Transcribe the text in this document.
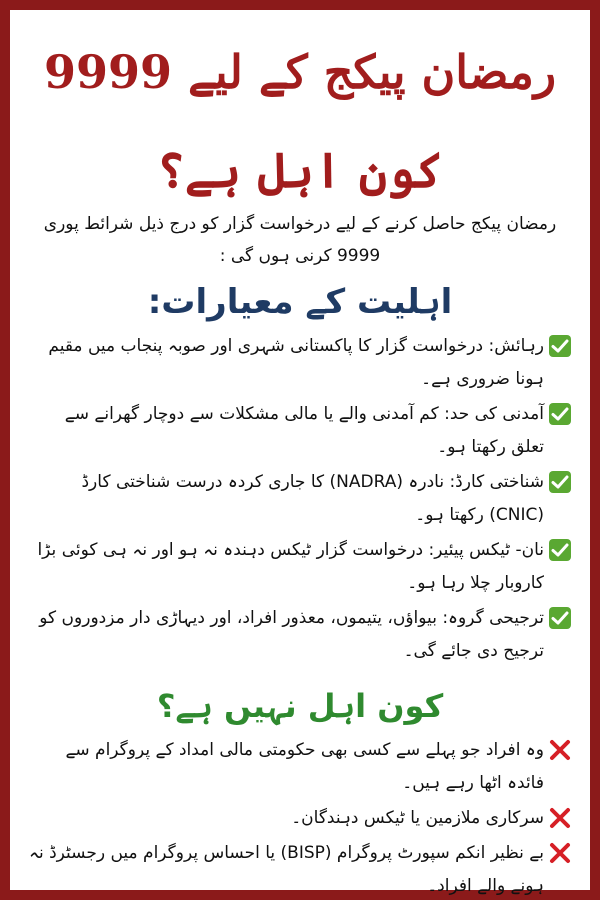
رمضان پیکج کے لیے 9999
کون اہل ہے؟
رمضان پیکج حاصل کرنے کے لیے درخواست گزار کو درج ذیل شرائط پوری 9999 کرنی ہوں گی :
اہلیت کے معیارات:
رہائش: درخواست گزار کا پاکستانی شہری اور صوبہ پنجاب میں مقیم ہونا ضروری ہے۔
آمدنی کی حد: کم آمدنی والے یا مالی مشکلات سے دوچار گھرانے سے تعلق رکھتا ہو۔
شناختی کارڈ: نادرہ (NADRA) کا جاری کردہ درست شناختی کارڈ (CNIC) رکھتا ہو۔
نان- ٹیکس پیئیر: درخواست گزار ٹیکس دہندہ نہ ہو اور نہ ہی کوئی بڑا کاروبار چلا رہا ہو۔
ترجیحی گروہ: بیواؤں، یتیموں، معذور افراد، اور دیہاڑی دار مزدوروں کو ترجیح دی جائے گی۔
کون اہل نہیں ہے؟
وہ افراد جو پہلے سے کسی بھی حکومتی مالی امداد کے پروگرام سے فائدہ اٹھا رہے ہیں۔
سرکاری ملازمین یا ٹیکس دہندگان۔
بے نظیر انکم سپورٹ پروگرام (BISP) یا احساس پروگرام میں رجسٹرڈ نہ ہونے والے افراد۔
